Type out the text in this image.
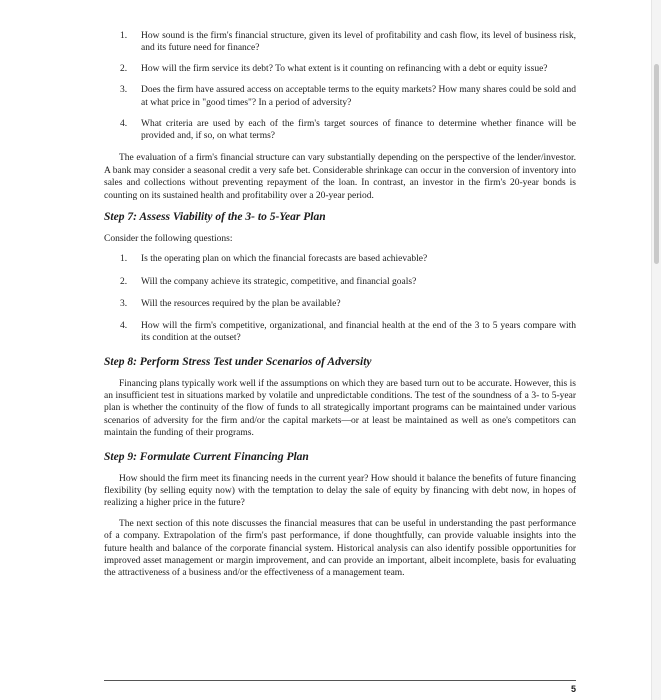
1. How sound is the firm's financial structure, given its level of profitability and cash flow, its level of business risk, and its future need for finance?
2. How will the firm service its debt? To what extent is it counting on refinancing with a debt or equity issue?
3. Does the firm have assured access on acceptable terms to the equity markets? How many shares could be sold and at what price in "good times"? In a period of adversity?
4. What criteria are used by each of the firm's target sources of finance to determine whether finance will be provided and, if so, on what terms?

The evaluation of a firm's financial structure can vary substantially depending on the perspective of the lender/investor. A bank may consider a seasonal credit a very safe bet. Considerable shrinkage can occur in the conversion of inventory into sales and collections without preventing repayment of the loan. In contrast, an investor in the firm's 20-year bonds is counting on its sustained health and profitability over a 20-year period.

Step 7: Assess Viability of the 3- to 5-Year Plan

Consider the following questions:

1. Is the operating plan on which the financial forecasts are based achievable?
2. Will the company achieve its strategic, competitive, and financial goals?
3. Will the resources required by the plan be available?
4. How will the firm's competitive, organizational, and financial health at the end of the 3 to 5 years compare with its condition at the outset?
Step 8: Perform Stress Test under Scenarios of Adversity

Financing plans typically work well if the assumptions on which they are based turn out to be accurate. However, this is an insufficient test in situations marked by volatile and unpredictable conditions. The test of the soundness of a 3- to 5-year plan is whether the continuity of the flow of funds to all strategically important programs can be maintained under various scenarios of adversity for the firm and/or the capital markets—or at least be maintained as well as one's competitors can maintain the funding of their programs.

Step 9: Formulate Current Financing Plan

How should the firm meet its financing needs in the current year? How should it balance the benefits of future financing flexibility (by selling equity now) with the temptation to delay the sale of equity by financing with debt now, in hopes of realizing a higher price in the future?

The next section of this note discusses the financial measures that can be useful in understanding the past performance of a company. Extrapolation of the firm's past performance, if done thoughtfully, can provide valuable insights into the future health and balance of the corporate financial system. Historical analysis can also identify possible opportunities for improved asset management or margin improvement, and can provide an important, albeit incomplete, basis for evaluating the attractiveness of a business and/or the effectiveness of a management team.

5
